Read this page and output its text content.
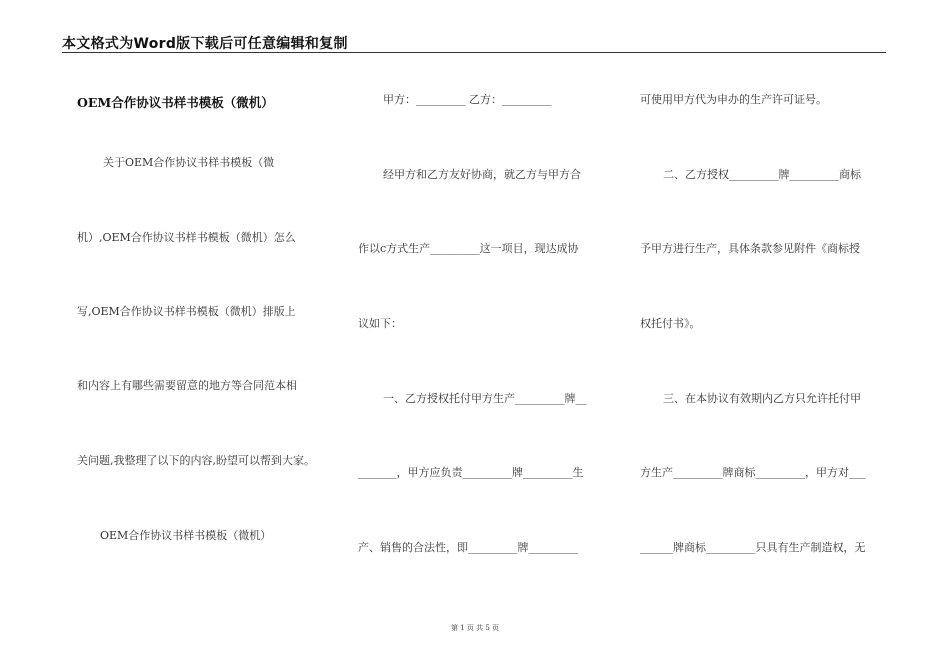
本文格式为Word版下载后可任意编辑和复制
OEM合作协议书样书模板（微机）
关于OEM合作协议书样书模板（微
机）,OEM合作协议书样书模板（微机）怎么
写,OEM合作协议书样书模板（微机）排版上
和内容上有哪些需要留意的地方等合同范本相
关问题,我整理了以下的内容,盼望可以帮到大家。
OEM合作协议书样书模板（微机）
甲方：_________ 乙方：_________
经甲方和乙方友好协商，就乙方与甲方合
作以c方式生产_________这一项目，现达成协
议如下：
一、乙方授权托付甲方生产_________牌__
_______，甲方应负责_________牌_________生
产、销售的合法性，即_________牌_________
可使用甲方代为申办的生产许可证号。
二、乙方授权_________牌_________商标
予甲方进行生产，具体条款参见附件《商标授
权托付书》。
三、在本协议有效期内乙方只允许托付甲
方生产_________牌商标_________，甲方对___
______牌商标_________只具有生产制造权，无
第 1 页 共 5 页
